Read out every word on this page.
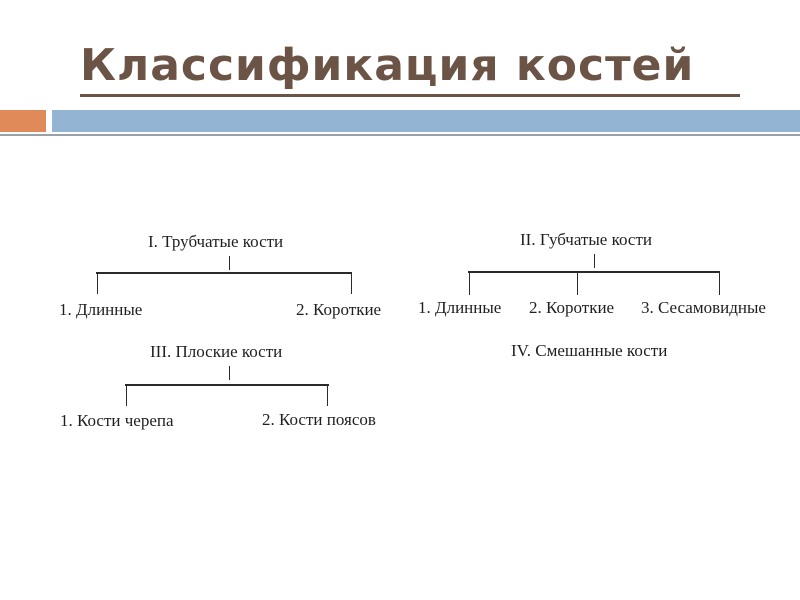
Классификация костей
I. Трубчатые кости
1. Длинные	2. Короткие
II. Губчатые кости
1. Длинные 2. Короткие 3. Сесамовидные
III. Плоские кости
1. Кости черепа	2. Кости поясов
IV. Смешанные кости
